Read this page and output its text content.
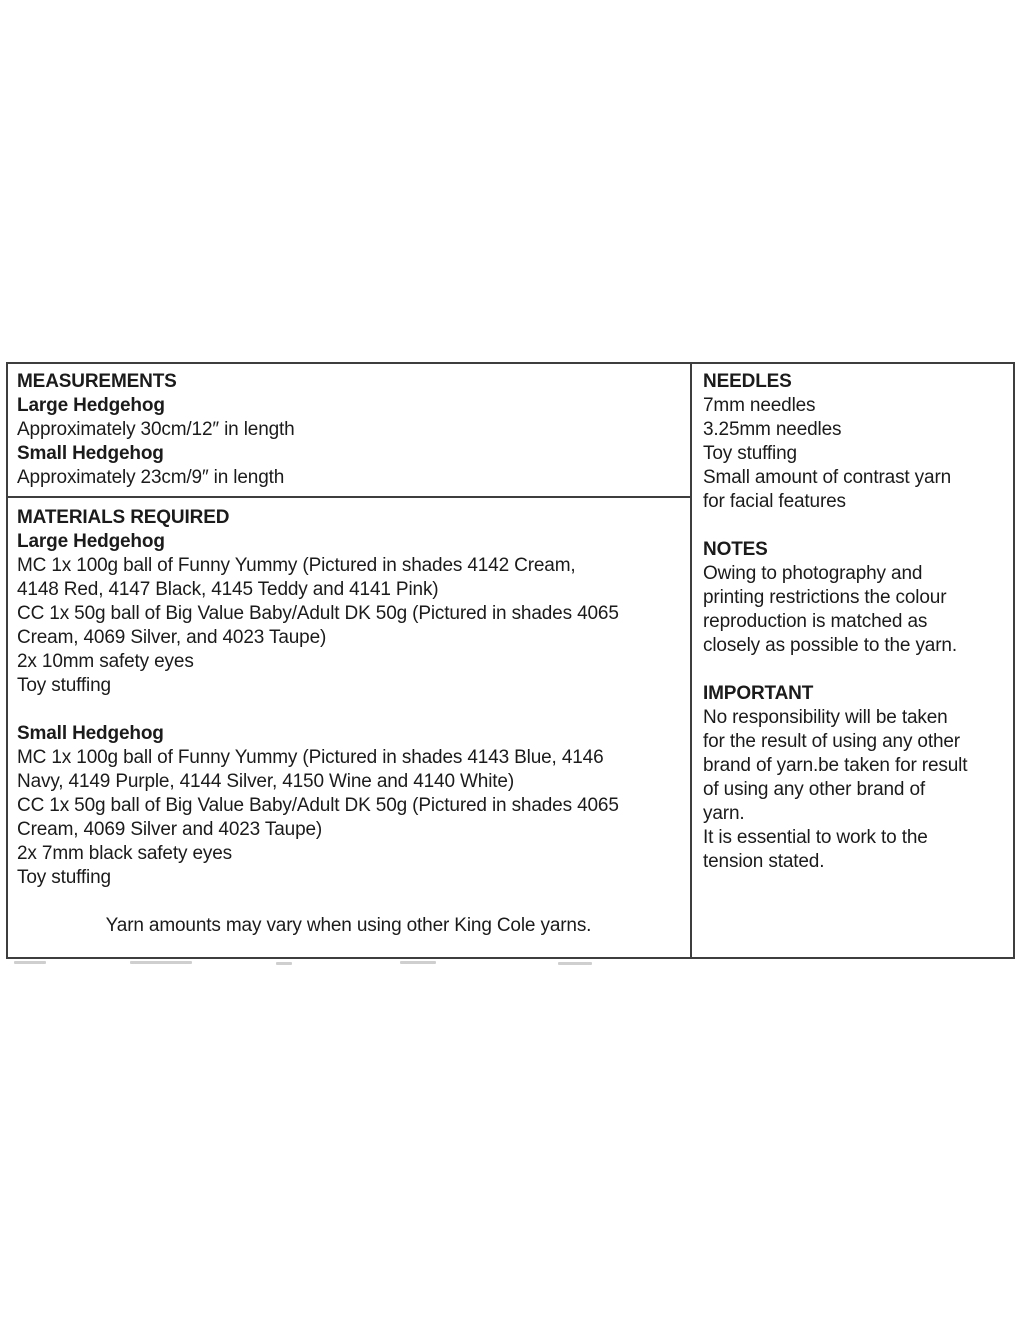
MEASUREMENTS
Large Hedgehog
Approximately 30cm/12″ in length
Small Hedgehog
Approximately 23cm/9″ in length
MATERIALS REQUIRED
Large Hedgehog
MC 1x 100g ball of Funny Yummy (Pictured in shades 4142 Cream,
4148 Red, 4147 Black, 4145 Teddy and 4141 Pink)
CC 1x 50g ball of Big Value Baby/Adult DK 50g (Pictured in shades 4065
Cream, 4069 Silver, and 4023 Taupe)
2x 10mm safety eyes
Toy stuffing
Small Hedgehog
MC 1x 100g ball of Funny Yummy (Pictured in shades 4143 Blue, 4146
Navy, 4149 Purple, 4144 Silver, 4150 Wine and 4140 White)
CC 1x 50g ball of Big Value Baby/Adult DK 50g (Pictured in shades 4065
Cream, 4069 Silver and 4023 Taupe)
2x 7mm black safety eyes
Toy stuffing
Yarn amounts may vary when using other King Cole yarns.
NEEDLES
7mm needles
3.25mm needles
Toy stuffing
Small amount of contrast yarn
for facial features
NOTES
Owing to photography and
printing restrictions the colour
reproduction is matched as
closely as possible to the yarn.
IMPORTANT
No responsibility will be taken
for the result of using any other
brand of yarn.be taken for result
of using any other brand of
yarn.
It is essential to work to the
tension stated.
